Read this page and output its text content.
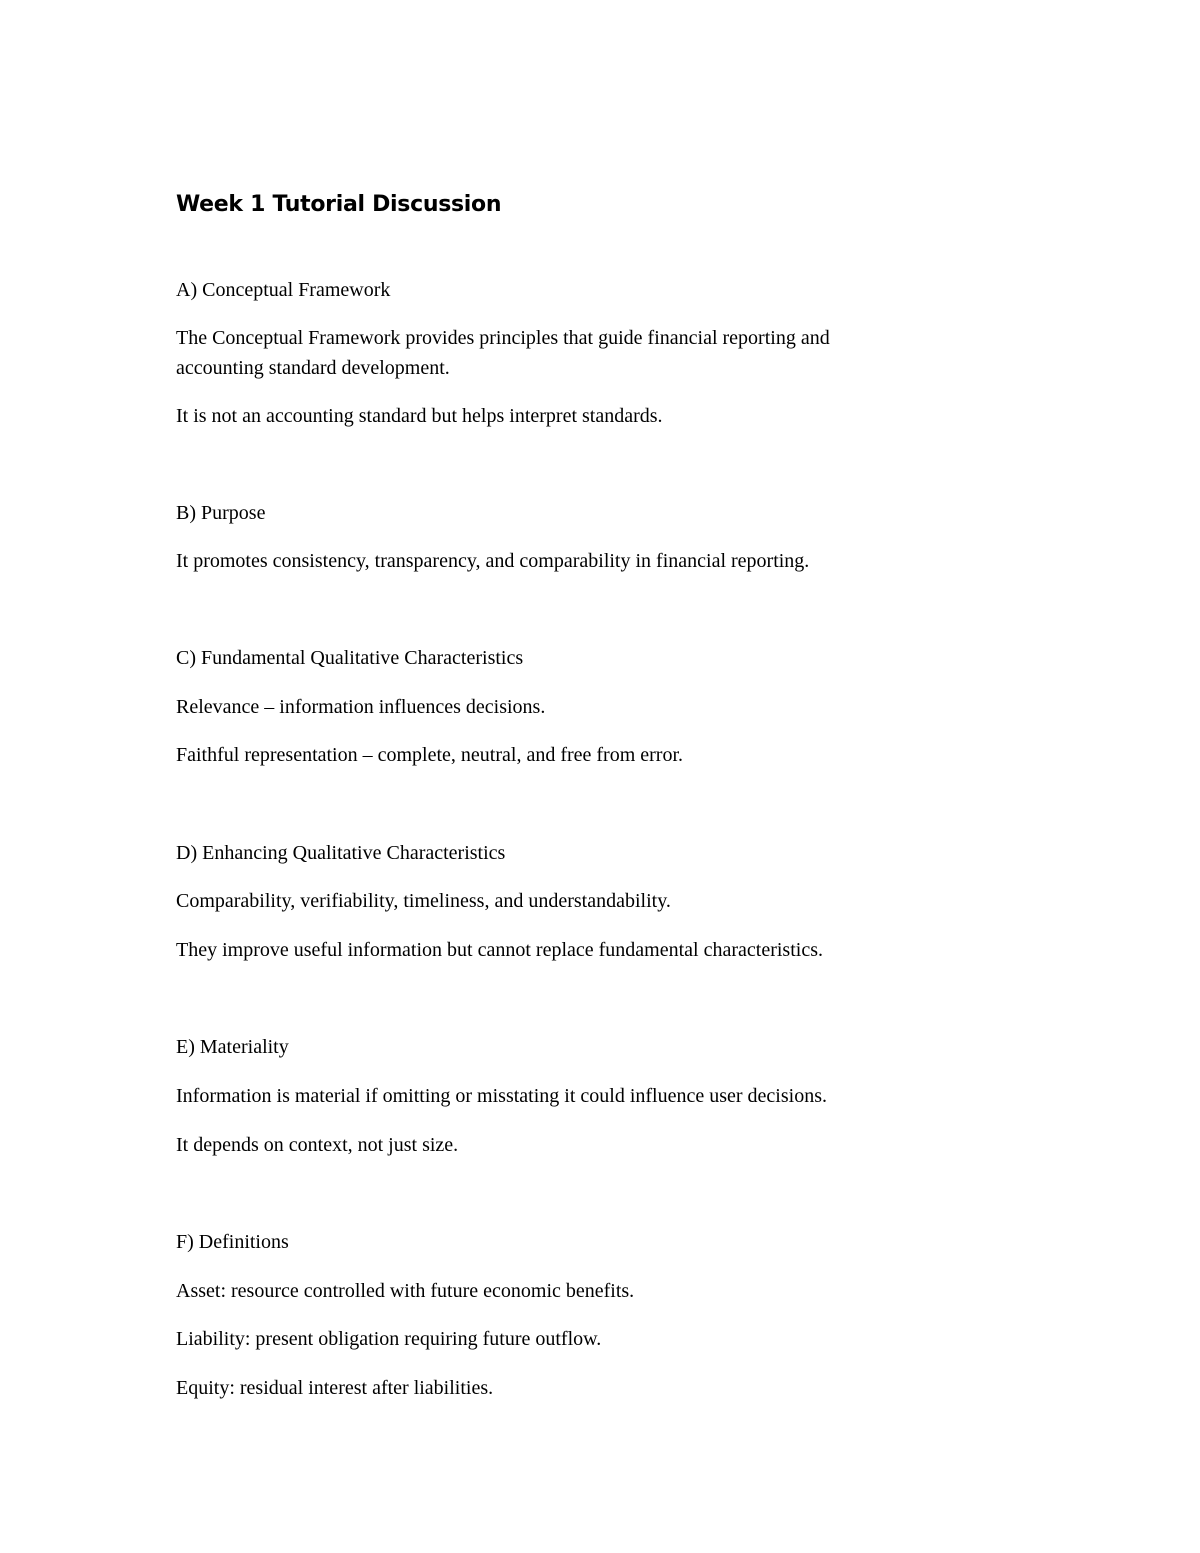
Week 1 Tutorial Discussion

A) Conceptual Framework

The Conceptual Framework provides principles that guide financial reporting and

accounting standard development.

It is not an accounting standard but helps interpret standards.

B) Purpose

It promotes consistency, transparency, and comparability in financial reporting.

C) Fundamental Qualitative Characteristics

Relevance – information influences decisions.

Faithful representation – complete, neutral, and free from error.

D) Enhancing Qualitative Characteristics

Comparability, verifiability, timeliness, and understandability.

They improve useful information but cannot replace fundamental characteristics.

E) Materiality

Information is material if omitting or misstating it could influence user decisions.

It depends on context, not just size.

F) Definitions

Asset: resource controlled with future economic benefits.

Liability: present obligation requiring future outflow.

Equity: residual interest after liabilities.
